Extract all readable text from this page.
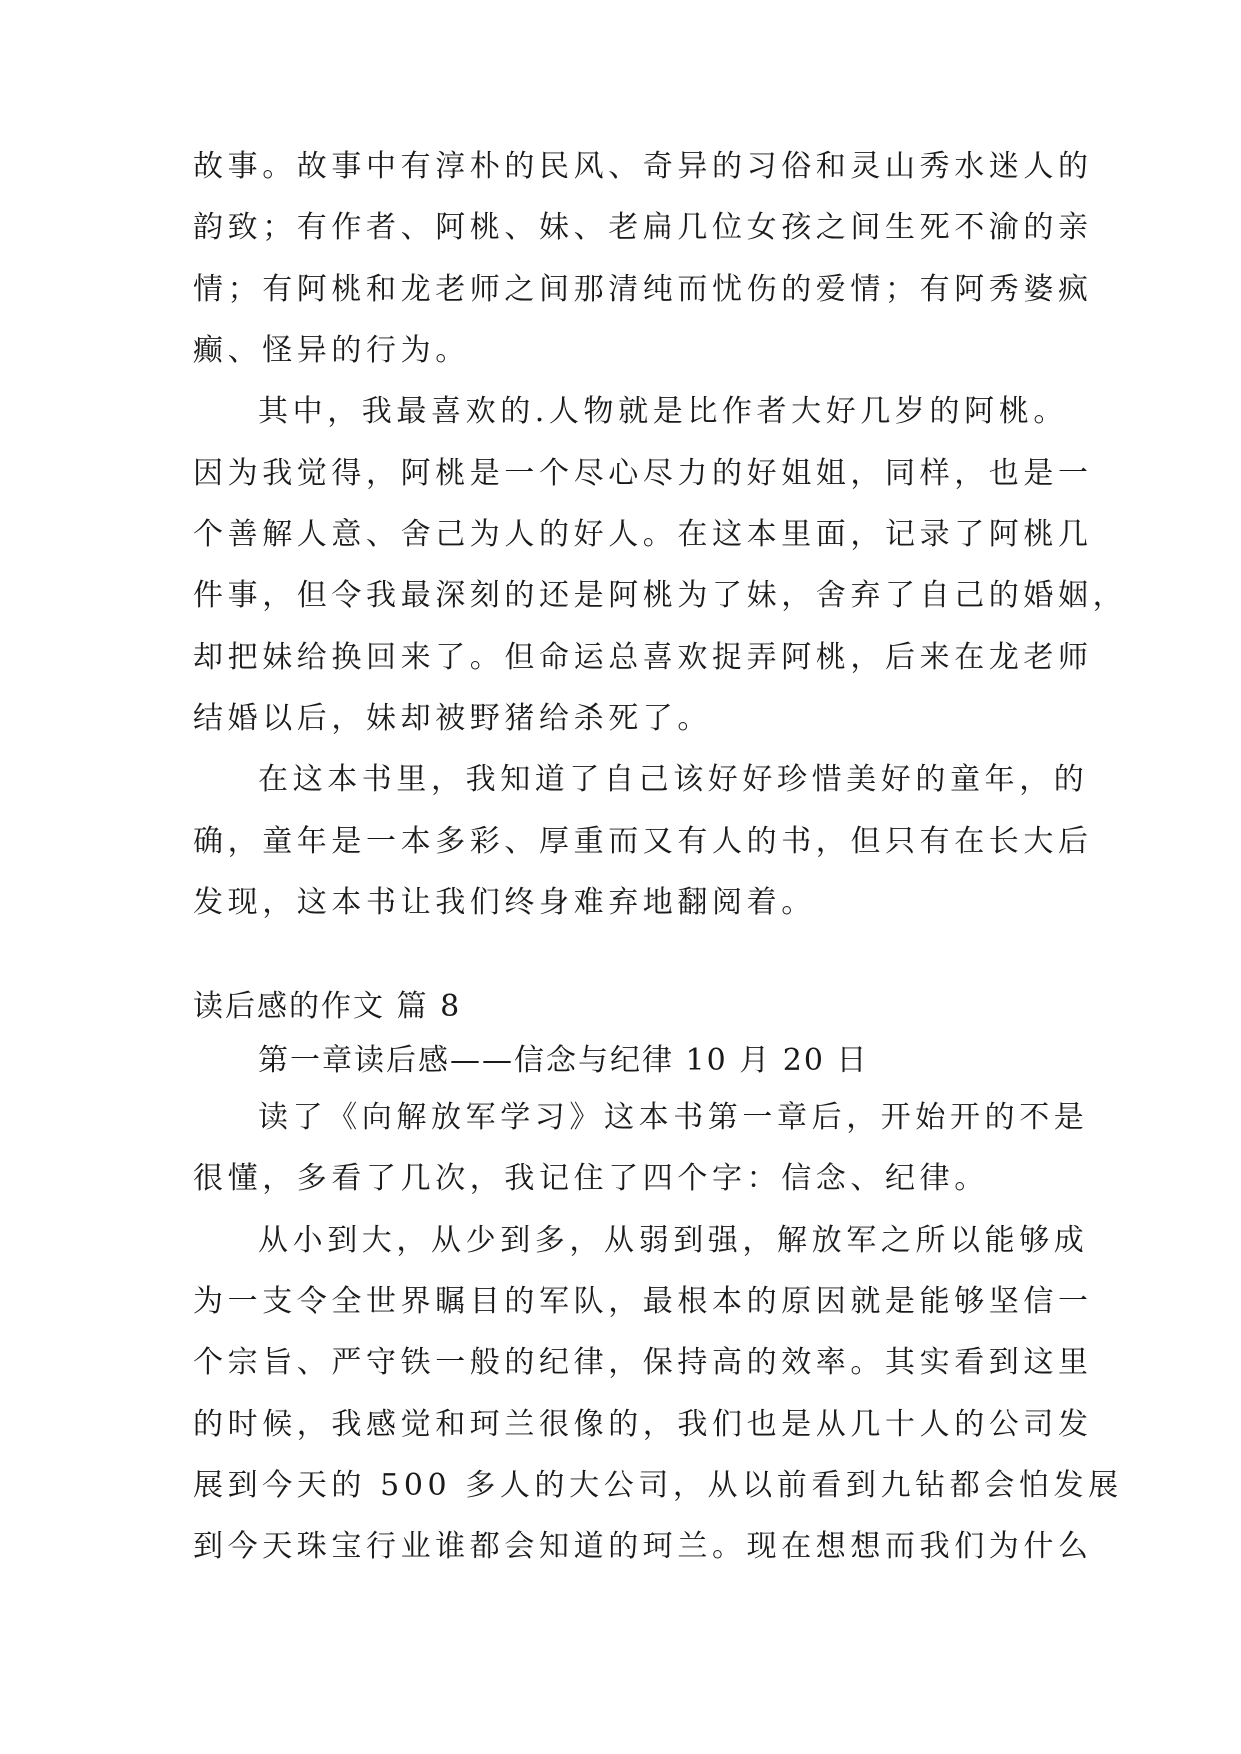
故事。故事中有淳朴的民风、奇异的习俗和灵山秀水迷人的
韵致；有作者、阿桃、妹、老扁几位女孩之间生死不渝的亲
情；有阿桃和龙老师之间那清纯而忧伤的爱情；有阿秀婆疯
癫、怪异的行为。
其中，我最喜欢的.人物就是比作者大好几岁的阿桃。
因为我觉得，阿桃是一个尽心尽力的好姐姐，同样，也是一
个善解人意、舍己为人的好人。在这本里面，记录了阿桃几
件事，但令我最深刻的还是阿桃为了妹，舍弃了自己的婚姻，
却把妹给换回来了。但命运总喜欢捉弄阿桃，后来在龙老师
结婚以后，妹却被野猪给杀死了。
在这本书里，我知道了自己该好好珍惜美好的童年，的
确，童年是一本多彩、厚重而又有人的书，但只有在长大后
发现，这本书让我们终身难弃地翻阅着。
读后感的作文 篇 8
第一章读后感——信念与纪律 10 月 20 日
读了《向解放军学习》这本书第一章后，开始开的不是
很懂，多看了几次，我记住了四个字：信念、纪律。
从小到大，从少到多，从弱到强，解放军之所以能够成
为一支令全世界瞩目的军队，最根本的原因就是能够坚信一
个宗旨、严守铁一般的纪律，保持高的效率。其实看到这里
的时候，我感觉和珂兰很像的，我们也是从几十人的公司发
展到今天的 500 多人的大公司，从以前看到九钻都会怕发展
到今天珠宝行业谁都会知道的珂兰。现在想想而我们为什么
